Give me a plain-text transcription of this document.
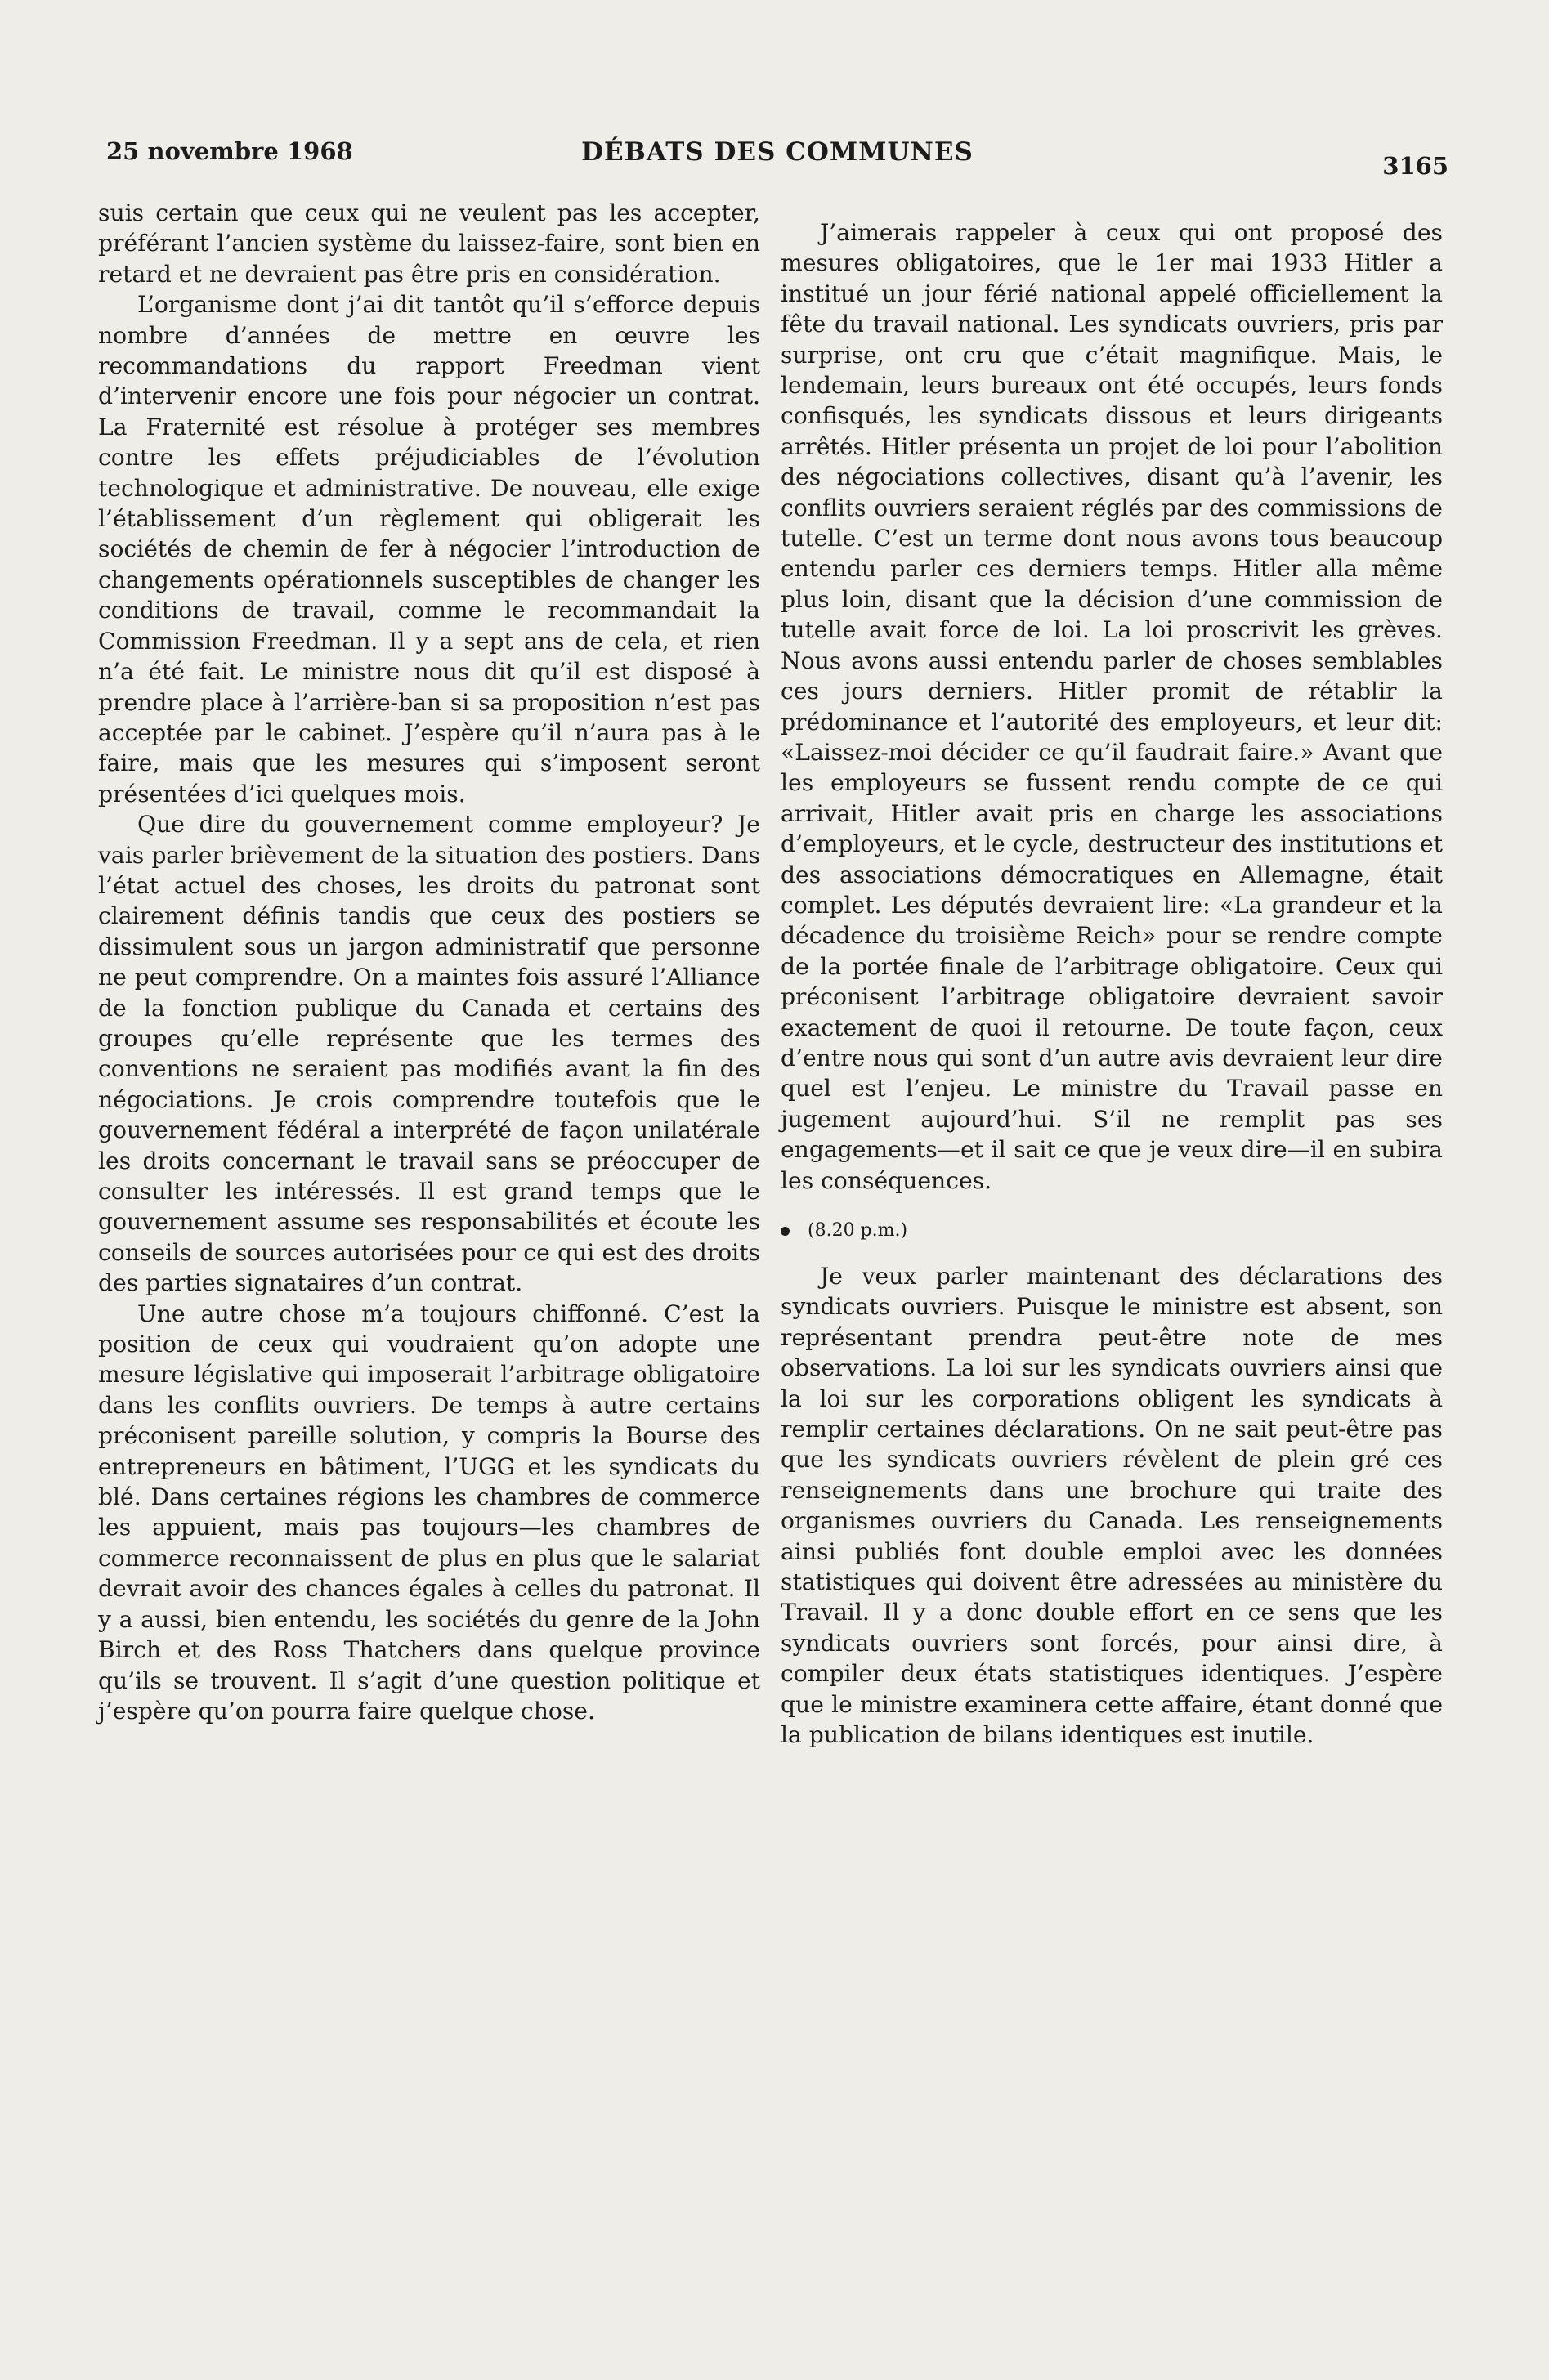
25 novembre 1968	DÉBATS DES COMMUNES	3165

suis certain que ceux qui ne veulent pas les accepter, préférant l’ancien système du laissez-faire, sont bien en retard et ne devraient pas être pris en considération.

L’organisme dont j’ai dit tantôt qu’il s’efforce depuis nombre d’années de mettre en œuvre les recommandations du rapport Freedman vient d’intervenir encore une fois pour négocier un contrat. La Fraternité est résolue à protéger ses membres contre les effets préjudiciables de l’évolution technologique et administrative. De nouveau, elle exige l’établissement d’un règlement qui obligerait les sociétés de chemin de fer à négocier l’introduction de changements opérationnels susceptibles de changer les conditions de travail, comme le recommandait la Commission Freedman. Il y a sept ans de cela, et rien n’a été fait. Le ministre nous dit qu’il est disposé à prendre place à l’arrière-ban si sa proposition n’est pas acceptée par le cabinet. J’espère qu’il n’aura pas à le faire, mais que les mesures qui s’imposent seront présentées d’ici quelques mois.

Que dire du gouvernement comme employeur? Je vais parler brièvement de la situation des postiers. Dans l’état actuel des choses, les droits du patronat sont clairement définis tandis que ceux des postiers se dissimulent sous un jargon administratif que personne ne peut comprendre. On a maintes fois assuré l’Alliance de la fonction publique du Canada et certains des groupes qu’elle représente que les termes des conventions ne seraient pas modifiés avant la fin des négociations. Je crois comprendre toutefois que le gouvernement fédéral a interprété de façon unilatérale les droits concernant le travail sans se préoccuper de consulter les intéressés. Il est grand temps que le gouvernement assume ses responsabilités et écoute les conseils de sources autorisées pour ce qui est des droits des parties signataires d’un contrat.

Une autre chose m’a toujours chiffonné. C’est la position de ceux qui voudraient qu’on adopte une mesure législative qui imposerait l’arbitrage obligatoire dans les conflits ouvriers. De temps à autre certains préconisent pareille solution, y compris la Bourse des entrepreneurs en bâtiment, l’UGG et les syndicats du blé. Dans certaines régions les chambres de commerce les appuient, mais pas toujours—les chambres de commerce reconnaissent de plus en plus que le salariat devrait avoir des chances égales à celles du patronat. Il y a aussi, bien entendu, les sociétés du genre de la John Birch et des Ross Thatchers dans quelque province qu’ils se trouvent. Il s’agit d’une question politique et j’espère qu’on pourra faire quelque chose.

J’aimerais rappeler à ceux qui ont proposé des mesures obligatoires, que le 1er mai 1933 Hitler a institué un jour férié national appelé officiellement la fête du travail national. Les syndicats ouvriers, pris par surprise, ont cru que c’était magnifique. Mais, le lendemain, leurs bureaux ont été occupés, leurs fonds confisqués, les syndicats dissous et leurs dirigeants arrêtés. Hitler présenta un projet de loi pour l’abolition des négociations collectives, disant qu’à l’avenir, les conflits ouvriers seraient réglés par des commissions de tutelle. C’est un terme dont nous avons tous beaucoup entendu parler ces derniers temps. Hitler alla même plus loin, disant que la décision d’une commission de tutelle avait force de loi. La loi proscrivit les grèves. Nous avons aussi entendu parler de choses semblables ces jours derniers. Hitler promit de rétablir la prédominance et l’autorité des employeurs, et leur dit: «Laissez-moi décider ce qu’il faudrait faire.» Avant que les employeurs se fussent rendu compte de ce qui arrivait, Hitler avait pris en charge les associations d’employeurs, et le cycle, destructeur des institutions et des associations démocratiques en Allemagne, était complet. Les députés devraient lire: «La grandeur et la décadence du troisième Reich» pour se rendre compte de la portée finale de l’arbitrage obligatoire. Ceux qui préconisent l’arbitrage obligatoire devraient savoir exactement de quoi il retourne. De toute façon, ceux d’entre nous qui sont d’un autre avis devraient leur dire quel est l’enjeu. Le ministre du Travail passe en jugement aujourd’hui. S’il ne remplit pas ses engagements—et il sait ce que je veux dire—il en subira les conséquences.

(8.20 p.m.)

Je veux parler maintenant des déclarations des syndicats ouvriers. Puisque le ministre est absent, son représentant prendra peut-être note de mes observations. La loi sur les syndicats ouvriers ainsi que la loi sur les corporations obligent les syndicats à remplir certaines déclarations. On ne sait peut-être pas que les syndicats ouvriers révèlent de plein gré ces renseignements dans une brochure qui traite des organismes ouvriers du Canada. Les renseignements ainsi publiés font double emploi avec les données statistiques qui doivent être adressées au ministère du Travail. Il y a donc double effort en ce sens que les syndicats ouvriers sont forcés, pour ainsi dire, à compiler deux états statistiques identiques. J’espère que le ministre examinera cette affaire, étant donné que la publication de bilans identiques est inutile.
